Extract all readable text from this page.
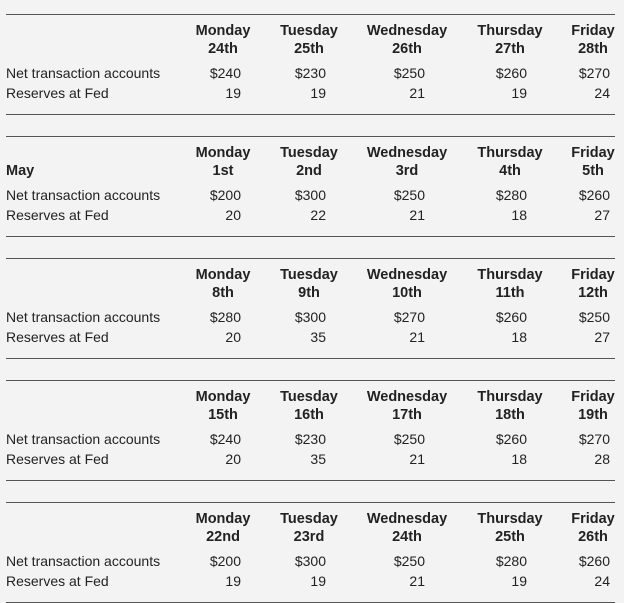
Net transaction accounts
Reserves at Fed
Monday
24th
$240
19
Tuesday
25th
$230
19
Wednesday
26th
$250
21
Thursday
27th
$260
19
Friday
28th
$270
24
May
Net transaction accounts
Reserves at Fed
Monday
1st
$200
20
Tuesday
2nd
$300
22
Wednesday
3rd
$250
21
Thursday
4th
$280
18
Friday
5th
$260
27
Net transaction accounts
Reserves at Fed
Monday
8th
$280
20
Tuesday
9th
$300
35
Wednesday
10th
$270
21
Thursday
11th
$260
18
Friday
12th
$250
27
Net transaction accounts
Reserves at Fed
Monday
15th
$240
20
Tuesday
16th
$230
35
Wednesday
17th
$250
21
Thursday
18th
$260
18
Friday
19th
$270
28
Net transaction accounts
Reserves at Fed
Monday
22nd
$200
19
Tuesday
23rd
$300
19
Wednesday
24th
$250
21
Thursday
25th
$280
19
Friday
26th
$260
24
